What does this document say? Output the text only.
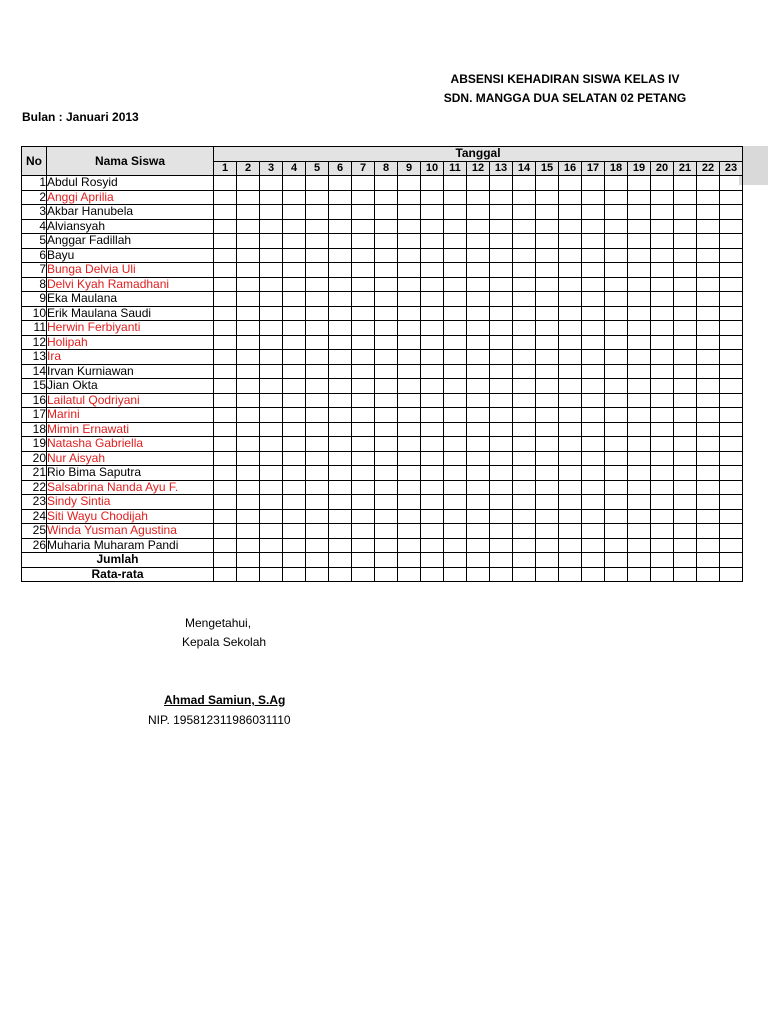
ABSENSI KEHADIRAN SISWA KELAS IV
SDN. MANGGA DUA SELATAN 02 PETANG
Bulan : Januari 2013
No	Nama Siswa	Tanggal																						
		1	2	3	4	5	6	7	8	9	10	11	12	13	14	15	16	17	18	19	20	21	22	23
1	Abdul Rosyid																							
2	Anggi Aprilia																							
3	Akbar Hanubela																							
4	Alviansyah																							
5	Anggar Fadillah																							
6	Bayu																							
7	Bunga Delvia Uli																							
8	Delvi Kyah Ramadhani																							
9	Eka Maulana																							
10	Erik Maulana Saudi																							
11	Herwin Ferbiyanti																							
12	Holipah																							
13	Ira																							
14	Irvan Kurniawan																							
15	Jian Okta																							
16	Lailatul Qodriyani																							
17	Marini																							
18	Mimin Ernawati																							
19	Natasha Gabriella																							
20	Nur Aisyah																							
21	Rio Bima Saputra																							
22	Salsabrina Nanda Ayu F.																							
23	Sindy Sintia																							
24	Siti Wayu Chodijah																							
25	Winda Yusman Agustina																							
26	Muharia Muharam Pandi																							
Jumlah																								
Rata-rata																								
Mengetahui,
Kepala Sekolah
Ahmad Samiun, S.Ag
NIP. 195812311986031110
